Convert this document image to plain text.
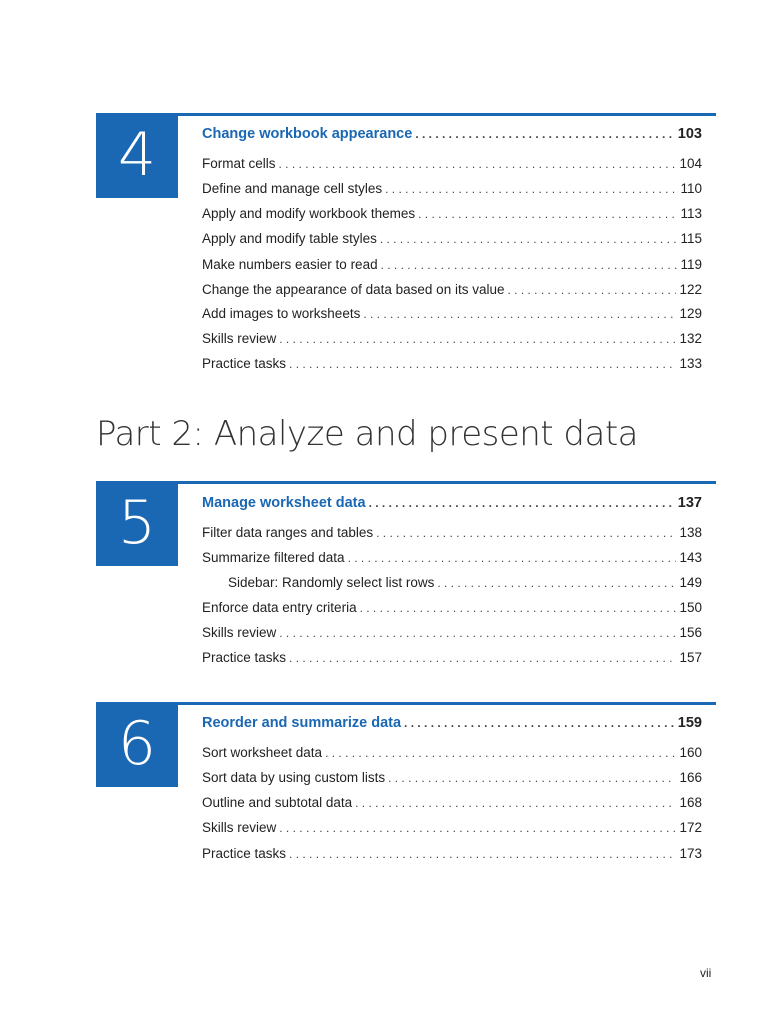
4	Change workbook appearance . . .	103
Format cells . . .	104
Define and manage cell styles . . .	110
Apply and modify workbook themes . . .	113
Apply and modify table styles . . .	115
Make numbers easier to read . . .	119
Change the appearance of data based on its value . . .	122
Add images to worksheets . . .	129
Skills review . . .	132
Practice tasks . . .	133
Part 2: Analyze and present data
5	Manage worksheet data . . .	137
Filter data ranges and tables . . .	138
Summarize filtered data . . .	143
Sidebar: Randomly select list rows . . .	149
Enforce data entry criteria . . .	150
Skills review . . .	156
Practice tasks . . .	157
6	Reorder and summarize data . . .	159
Sort worksheet data . . .	160
Sort data by using custom lists . . .	166
Outline and subtotal data . . .	168
Skills review . . .	172
Practice tasks . . .	173
vii
